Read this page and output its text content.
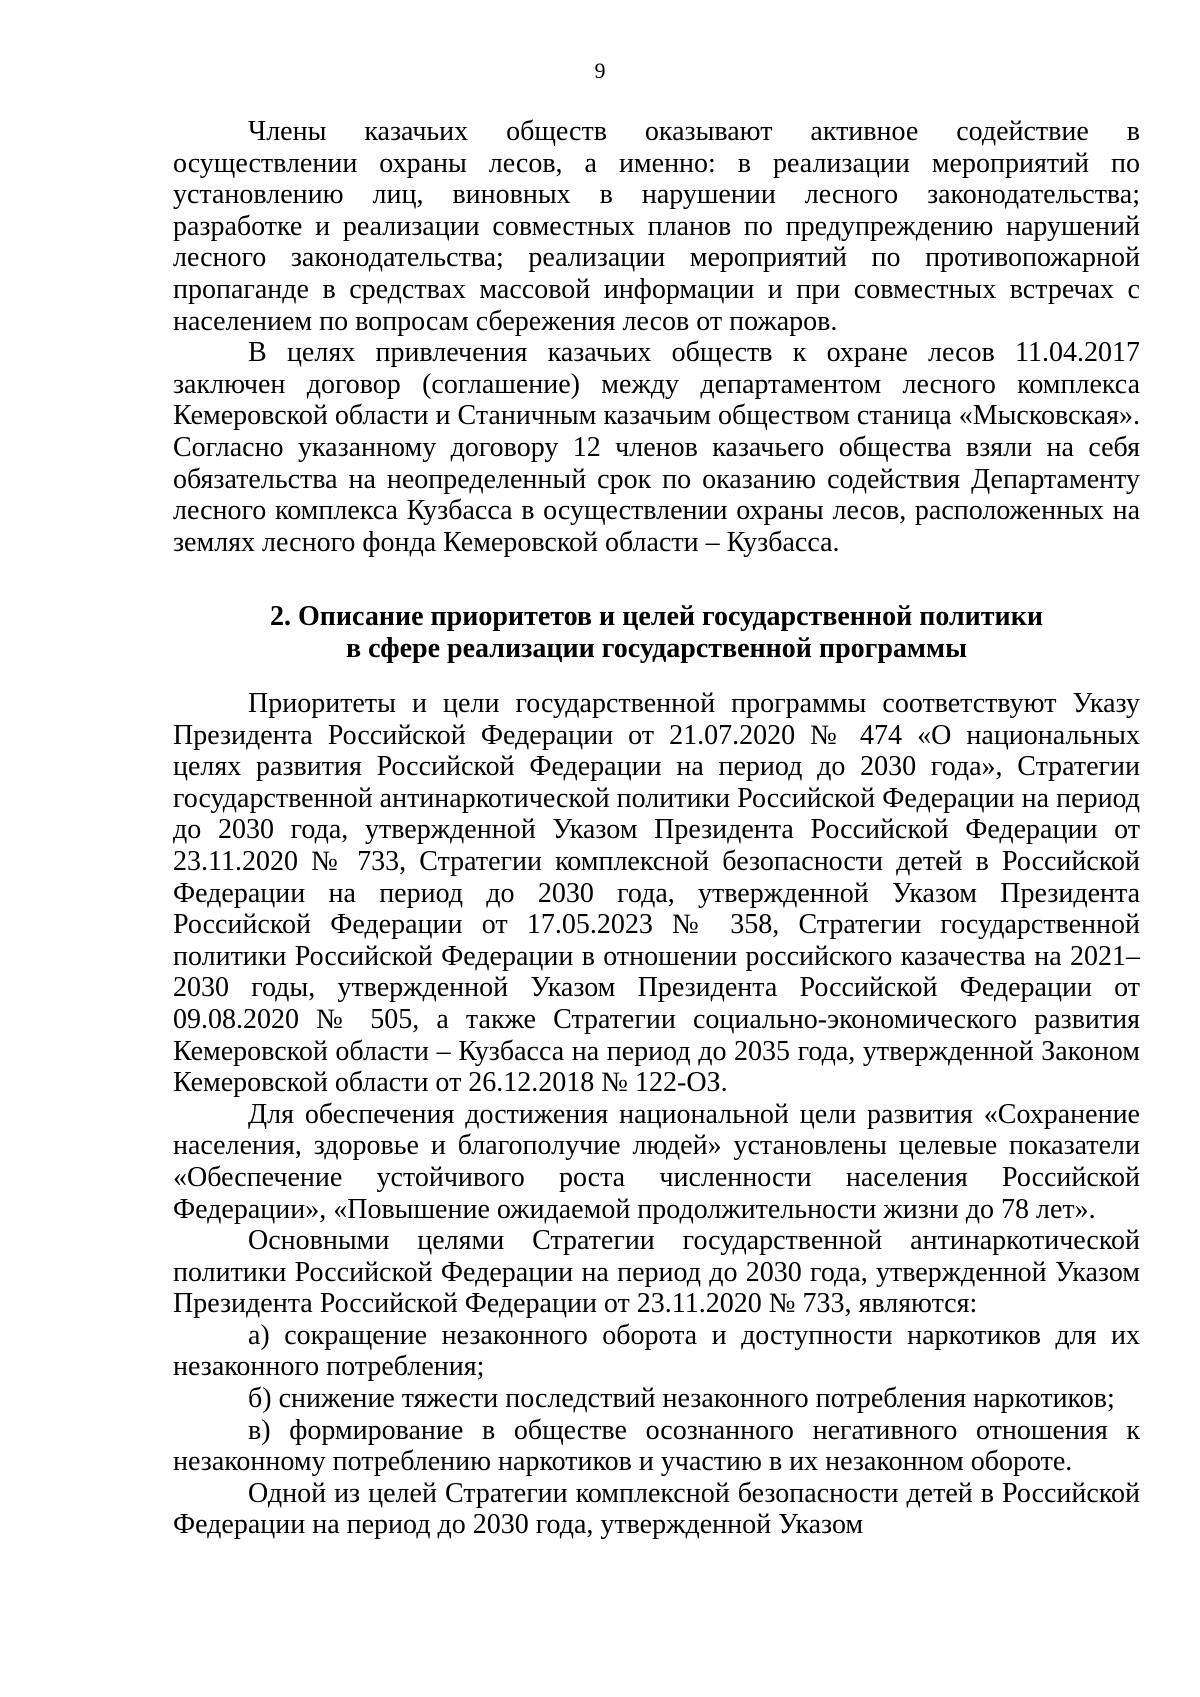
9

Члены казачьих обществ оказывают активное содействие в осуществлении охраны лесов, а именно: в реализации мероприятий по установлению лиц, виновных в нарушении лесного законодательства; разработке и реализации совместных планов по предупреждению нарушений лесного законодательства; реализации мероприятий по противопожарной пропаганде в средствах массовой информации и при совместных встречах с населением по вопросам сбережения лесов от пожаров.

В целях привлечения казачьих обществ к охране лесов 11.04.2017 заключен договор (соглашение) между департаментом лесного комплекса Кемеровской области и Станичным казачьим обществом станица «Мысковская». Согласно указанному договору 12 членов казачьего общества взяли на себя обязательства на неопределенный срок по оказанию содействия Департаменту лесного комплекса Кузбасса в осуществлении охраны лесов, расположенных на землях лесного фонда Кемеровской области – Кузбасса.

2. Описание приоритетов и целей государственной политики
в сфере реализации государственной программы

Приоритеты и цели государственной программы соответствуют Указу Президента Российской Федерации от 21.07.2020 № 474 «О национальных целях развития Российской Федерации на период до 2030 года», Стратегии государственной антинаркотической политики Российской Федерации на период до 2030 года, утвержденной Указом Президента Российской Федерации от 23.11.2020 № 733, Стратегии комплексной безопасности детей в Российской Федерации на период до 2030 года, утвержденной Указом Президента Российской Федерации от 17.05.2023 № 358, Стратегии государственной политики Российской Федерации в отношении российского казачества на 2021–2030 годы, утвержденной Указом Президента Российской Федерации от 09.08.2020 № 505, а также Стратегии социально-экономического развития Кемеровской области – Кузбасса на период до 2035 года, утвержденной Законом Кемеровской области от 26.12.2018 № 122-ОЗ.

Для обеспечения достижения национальной цели развития «Сохранение населения, здоровье и благополучие людей» установлены целевые показатели «Обеспечение устойчивого роста численности населения Российской Федерации», «Повышение ожидаемой продолжительности жизни до 78 лет».

Основными целями Стратегии государственной антинаркотической политики Российской Федерации на период до 2030 года, утвержденной Указом Президента Российской Федерации от 23.11.2020 № 733, являются:

а) сокращение незаконного оборота и доступности наркотиков для их незаконного потребления;

б) снижение тяжести последствий незаконного потребления наркотиков;

в) формирование в обществе осознанного негативного отношения к незаконному потреблению наркотиков и участию в их незаконном обороте.

Одной из целей Стратегии комплексной безопасности детей в Российской Федерации на период до 2030 года, утвержденной Указом
